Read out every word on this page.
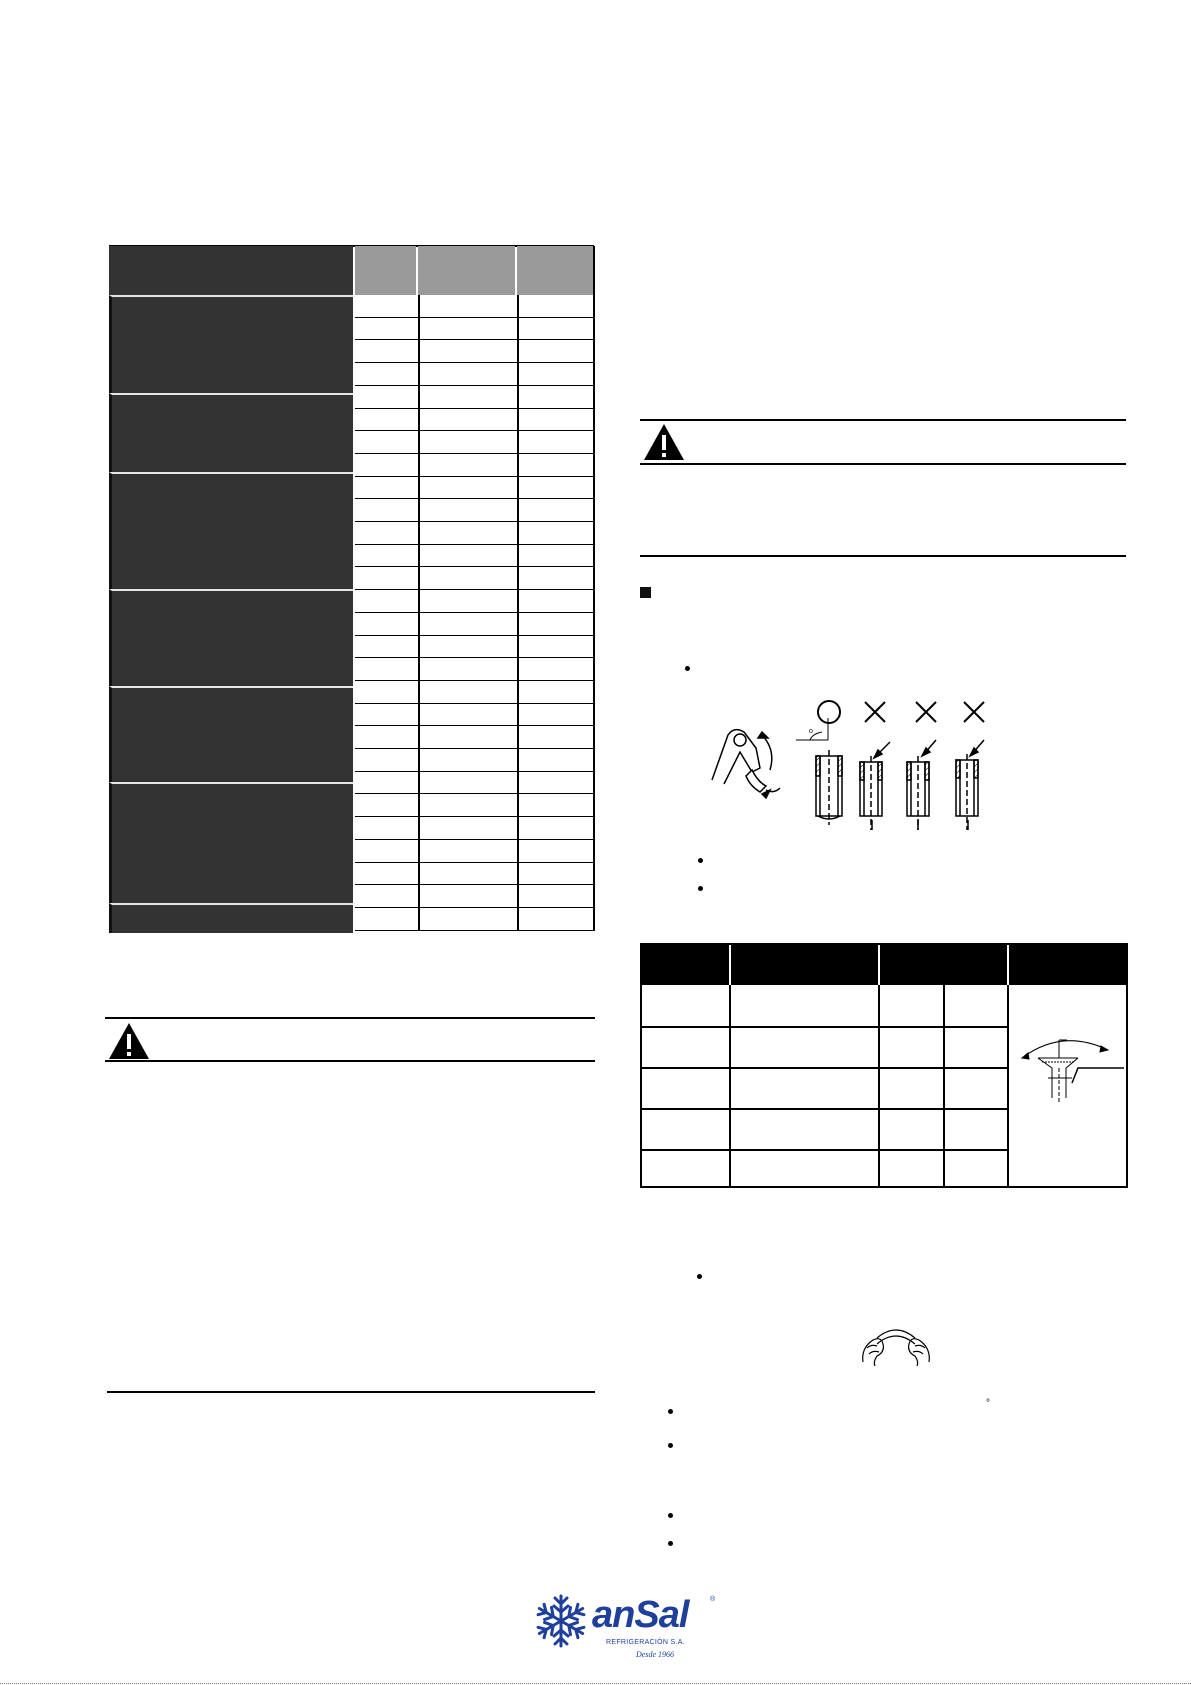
o
°
anSal	®
REFRIGERACIÓN S.A.
Desde 1966
